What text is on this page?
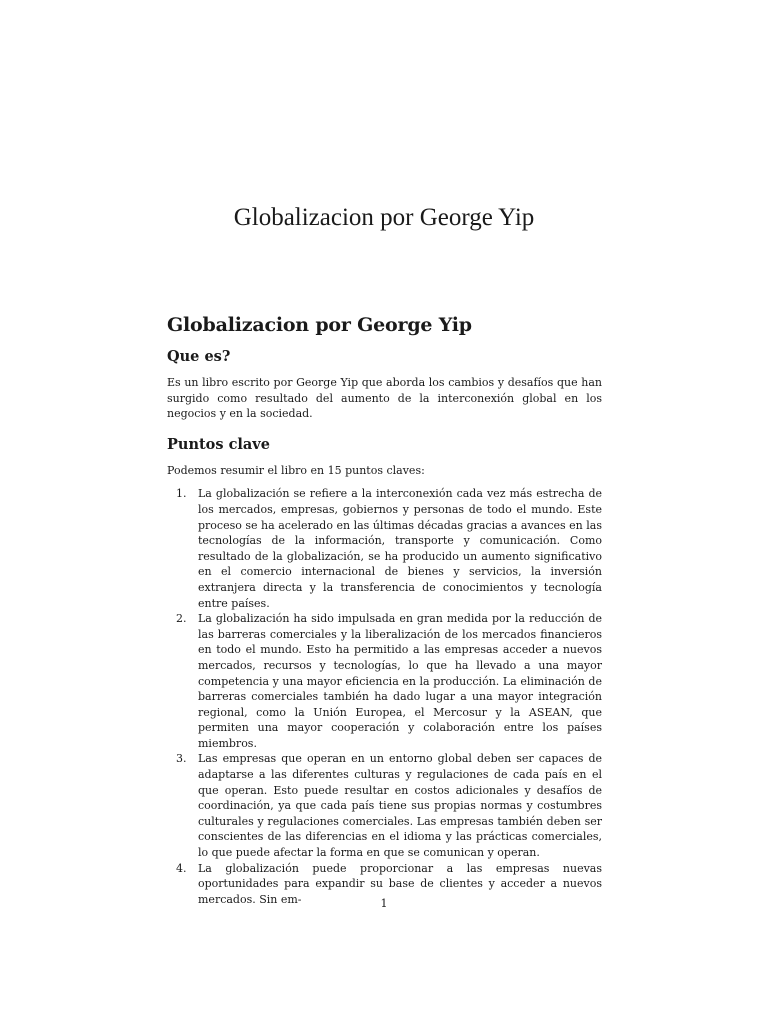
Globalizacion por George Yip
Globalizacion por George Yip
Que es?

Es un libro escrito por George Yip que aborda los cambios y desafíos que han surgido como resultado del aumento de la interconexión global en los negocios y en la sociedad.

Puntos clave

Podemos resumir el libro en 15 puntos claves:

1. La globalización se refiere a la interconexión cada vez más estrecha de los mercados, empresas, gobiernos y personas de todo el mundo. Este proceso se ha acelerado en las últimas décadas gracias a avances en las tecnologías de la información, transporte y comunicación. Como resultado de la globalización, se ha producido un aumento significativo en el comercio internacional de bienes y servicios, la inversión extranjera directa y la transferencia de conocimientos y tecnología entre países.
2. La globalización ha sido impulsada en gran medida por la reducción de las barreras comerciales y la liberalización de los mercados financieros en todo el mundo. Esto ha permitido a las empresas acceder a nuevos mercados, recursos y tecnologías, lo que ha llevado a una mayor competencia y una mayor eficiencia en la producción. La eliminación de barreras comerciales también ha dado lugar a una mayor integración regional, como la Unión Europea, el Mercosur y la ASEAN, que permiten una mayor cooperación y colaboración entre los países miembros.
3. Las empresas que operan en un entorno global deben ser capaces de adaptarse a las diferentes culturas y regulaciones de cada país en el que operan. Esto puede resultar en costos adicionales y desafíos de coordinación, ya que cada país tiene sus propias normas y costumbres culturales y regulaciones comerciales. Las empresas también deben ser conscientes de las diferencias en el idioma y las prácticas comerciales, lo que puede afectar la forma en que se comunican y operan.
4. La globalización puede proporcionar a las empresas nuevas oportunidades para expandir su base de clientes y acceder a nuevos mercados. Sin em-	1
